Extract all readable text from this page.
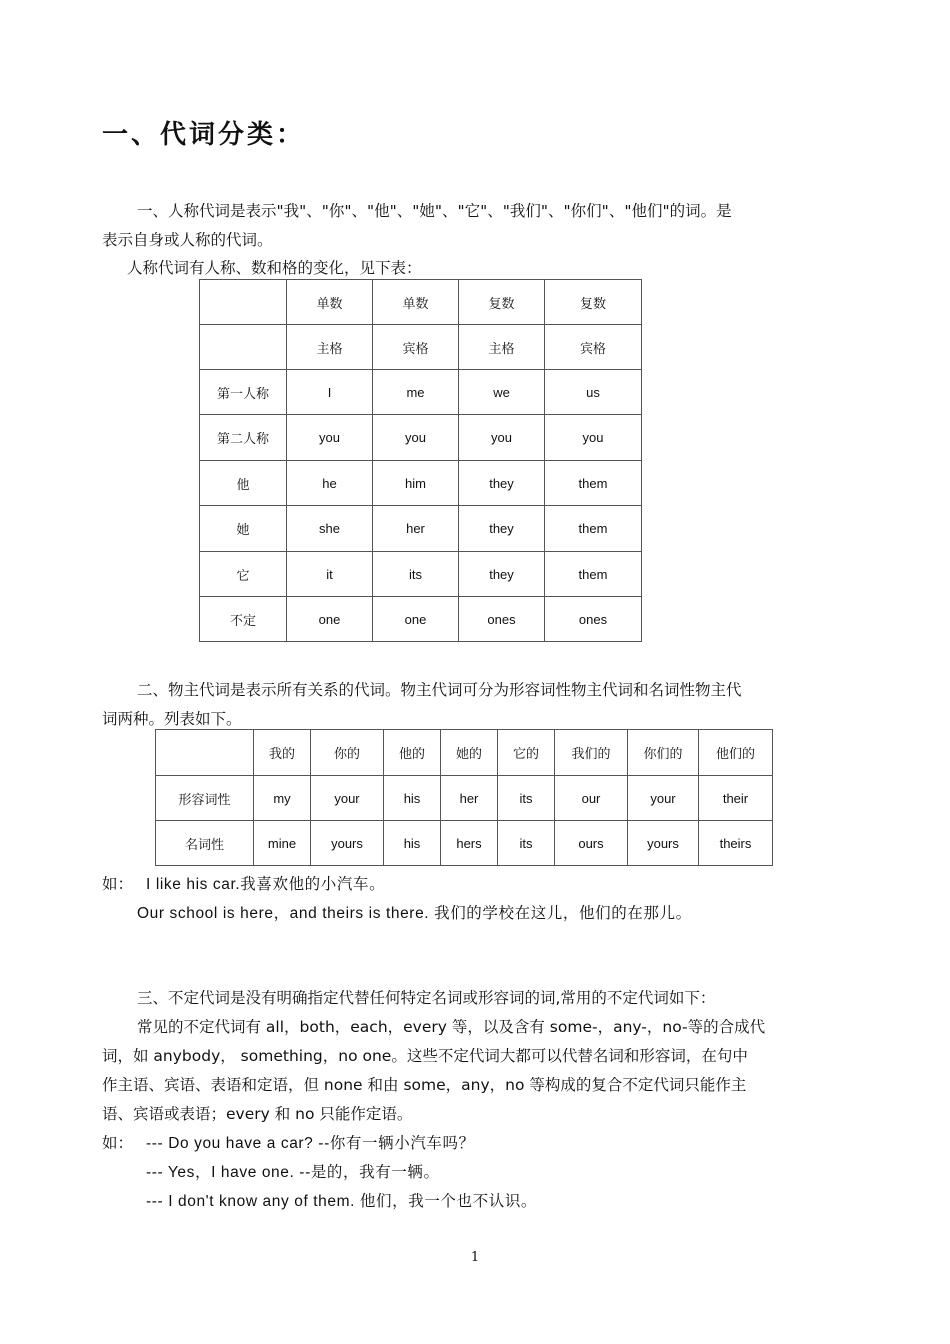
一、代词分类：
一、人称代词是表示"我"、"你"、"他"、"她"、"它"、"我们"、"你们"、"他们"的词。是
表示自身或人称的代词。
人称代词有人称、数和格的变化，见下表：
	单数	单数	复数	复数
	主格	宾格	主格	宾格
第一人称	I	me	we	us
第二人称	you	you	you	you
他	he	him	they	them
她	she	her	they	them
它	it	its	they	them
不定	one	one	ones	ones
二、物主代词是表示所有关系的代词。物主代词可分为形容词性物主代词和名词性物主代
词两种。列表如下。
	我的	你的	他的	她的	它的	我们的	你们的	他们的
形容词性	my	your	his	her	its	our	your	their
名词性	mine	yours	his	hers	its	ours	yours	theirs
如： I like his car.我喜欢他的小汽车。
Our school is here，and theirs is there. 我们的学校在这儿，他们的在那儿。
三、不定代词是没有明确指定代替任何特定名词或形容词的词,常用的不定代词如下：
常见的不定代词有 all，both，each，every 等，以及含有 some-，any-，no-等的合成代
词，如 anybody， something，no one。这些不定代词大都可以代替名词和形容词，在句中
作主语、宾语、表语和定语，但 none 和由 some，any，no 等构成的复合不定代词只能作主
语、宾语或表语；every 和 no 只能作定语。
如： --- Do you have a car? --你有一辆小汽车吗？
--- Yes，I have one. --是的，我有一辆。
--- I don't know any of them. 他们，我一个也不认识。
1
